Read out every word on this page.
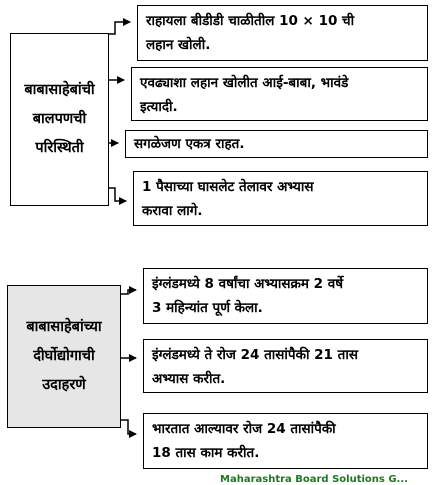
बाबासाहेबांची
बालपणची
परिस्थिती
राहायला बीडीडी चाळीतील 10 × 10 ची
लहान खोली.
एवढ्याशा लहान खोलीत आई-बाबा, भावंडे
इत्यादी.
सगळेजण एकत्र राहत.
1 पैसाच्या घासलेट तेलावर अभ्यास
करावा लागे.
बाबासाहेबांच्या
दीर्घोद्योगाची
उदाहरणे
इंग्लंडमध्ये 8 वर्षांचा अभ्यासक्रम 2 वर्षे
3 महिन्यांत पूर्ण केला.
इंग्लंडमध्ये ते रोज 24 तासांपैकी 21 तास
अभ्यास करीत.
भारतात आल्यावर रोज 24 तासांपैकी
18 तास काम करीत.
Maharashtra Board Solutions G...
